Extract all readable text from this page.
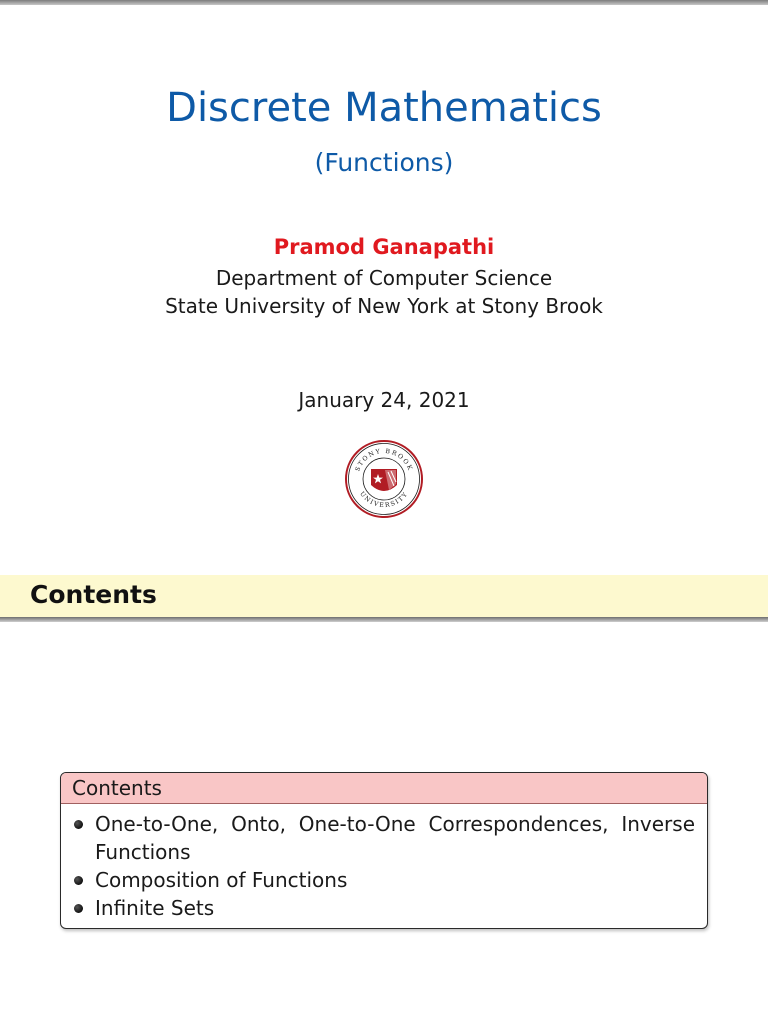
Discrete Mathematics
(Functions)
Pramod Ganapathi
Department of Computer Science
State University of New York at Stony Brook
January 24, 2021
STONY BROOK
UNIVERSITY
Contents
Contents
One-to-One, Onto, One-to-One Correspondences, Inverse
Functions
Composition of Functions
Infinite Sets
